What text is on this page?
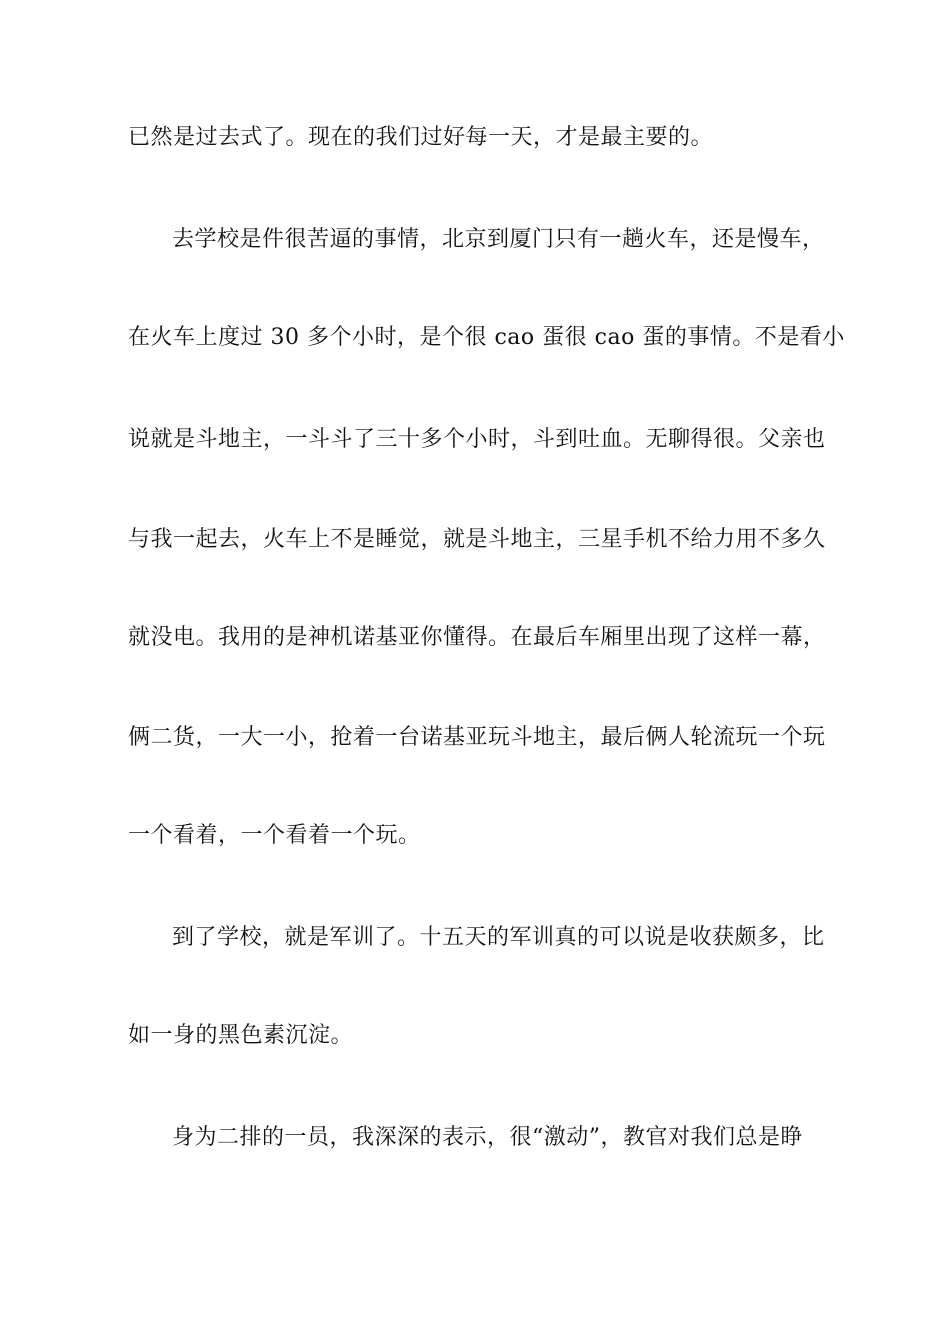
已然是过去式了。现在的我们过好每一天，才是最主要的。
去学校是件很苦逼的事情，北京到厦门只有一趟火车，还是慢车，
在火车上度过 30 多个小时，是个很 cao 蛋很 cao 蛋的事情。不是看小
说就是斗地主，一斗斗了三十多个小时，斗到吐血。无聊得很。父亲也
与我一起去，火车上不是睡觉，就是斗地主，三星手机不给力用不多久
就没电。我用的是神机诺基亚你懂得。在最后车厢里出现了这样一幕，
俩二货，一大一小，抢着一台诺基亚玩斗地主，最后俩人轮流玩一个玩
一个看着，一个看着一个玩。
到了学校，就是军训了。十五天的军训真的可以说是收获颇多，比
如一身的黑色素沉淀。
身为二排的一员，我深深的表示，很“激动”，教官对我们总是睁
